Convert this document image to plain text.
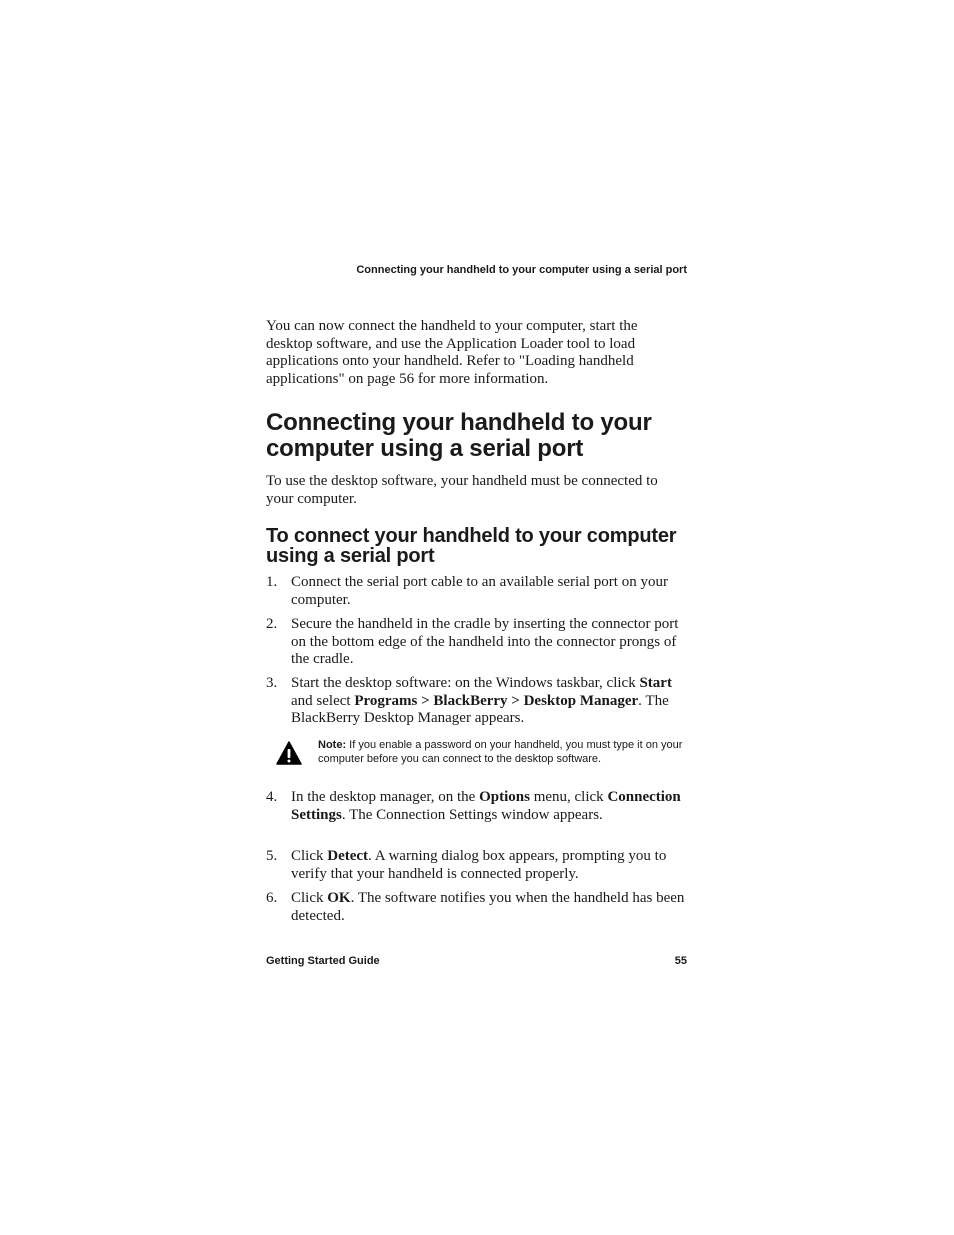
Connecting your handheld to your computer using a serial port

You can now connect the handheld to your computer, start the desktop software, and use the Application Loader tool to load applications onto your handheld. Refer to "Loading handheld applications" on page 56 for more information.

Connecting your handheld to your computer using a serial port

To use the desktop software, your handheld must be connected to your computer.

To connect your handheld to your computer using a serial port
1. Connect the serial port cable to an available serial port on your computer.
2. Secure the handheld in the cradle by inserting the connector port on the bottom edge of the handheld into the connector prongs of the cradle.
3. Start the desktop software: on the Windows taskbar, click Start and select Programs > BlackBerry > Desktop Manager. The BlackBerry Desktop Manager appears.
Note: If you enable a password on your handheld, you must type it on your computer before you can connect to the desktop software.
4. In the desktop manager, on the Options menu, click Connection Settings. The Connection Settings window appears.
5. Click Detect. A warning dialog box appears, prompting you to verify that your handheld is connected properly.
6. Click OK. The software notifies you when the handheld has been detected.
Getting Started Guide	55
